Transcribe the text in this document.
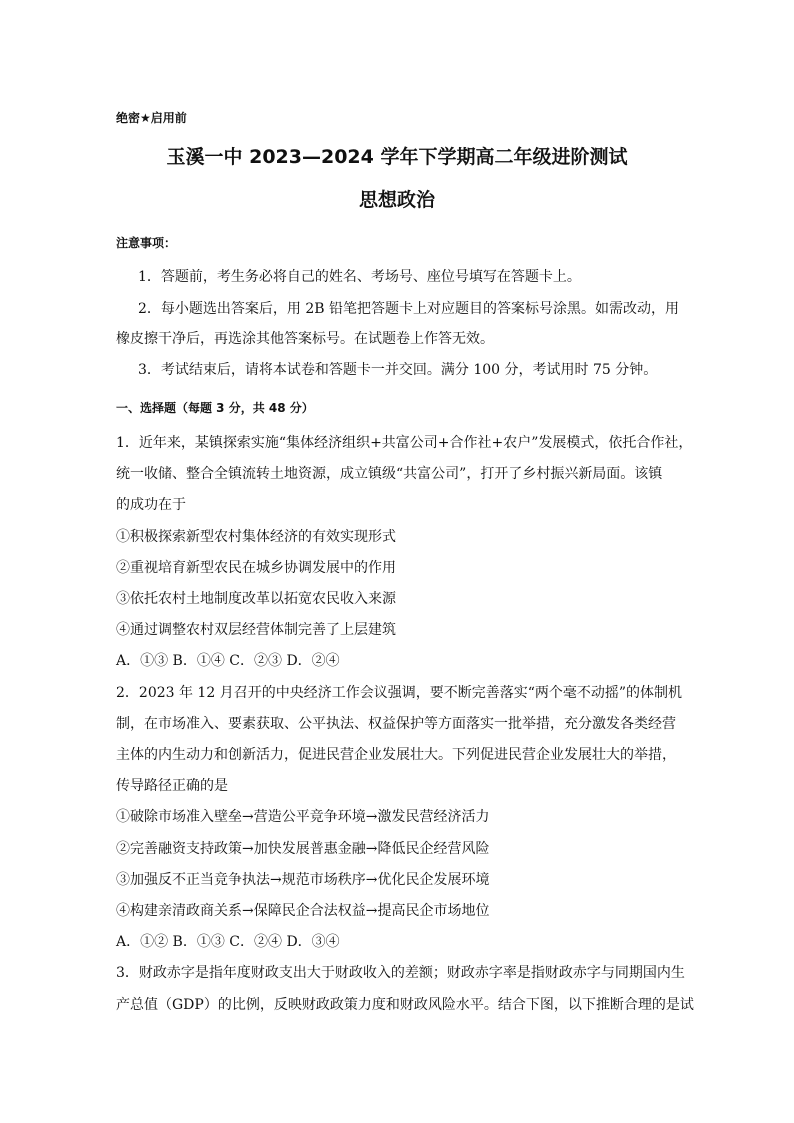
绝密★启用前
玉溪一中 2023—2024 学年下学期高二年级进阶测试
思想政治
注意事项：
1．答题前，考生务必将自己的姓名、考场号、座位号填写在答题卡上。
2．每小题选出答案后，用 2B 铅笔把答题卡上对应题目的答案标号涂黑。如需改动，用
橡皮擦干净后，再选涂其他答案标号。在试题卷上作答无效。
3．考试结束后，请将本试卷和答题卡一并交回。满分 100 分，考试用时 75 分钟。
一、选择题（每题 3 分，共 48 分）
1．近年来，某镇探索实施“集体经济组织+共富公司+合作社+农户”发展模式，依托合作社，
统一收储、整合全镇流转土地资源，成立镇级“共富公司”，打开了乡村振兴新局面。该镇
的成功在于
①积极探索新型农村集体经济的有效实现形式
②重视培育新型农民在城乡协调发展中的作用
③依托农村土地制度改革以拓宽农民收入来源
④通过调整农村双层经营体制完善了上层建筑
A．①③ B．①④ C．②③ D．②④
2．2023 年 12 月召开的中央经济工作会议强调，要不断完善落实“两个毫不动摇”的体制机
制，在市场准入、要素获取、公平执法、权益保护等方面落实一批举措，充分激发各类经营
主体的内生动力和创新活力，促进民营企业发展壮大。下列促进民营企业发展壮大的举措，
传导路径正确的是
①破除市场准入壁垒→营造公平竞争环境→激发民营经济活力
②完善融资支持政策→加快发展普惠金融→降低民企经营风险
③加强反不正当竞争执法→规范市场秩序→优化民企发展环境
④构建亲清政商关系→保障民企合法权益→提高民企市场地位
A．①② B．①③ C．②④ D．③④
3．财政赤字是指年度财政支出大于财政收入的差额；财政赤字率是指财政赤字与同期国内生
产总值（GDP）的比例，反映财政政策力度和财政风险水平。结合下图，以下推断合理的是试
